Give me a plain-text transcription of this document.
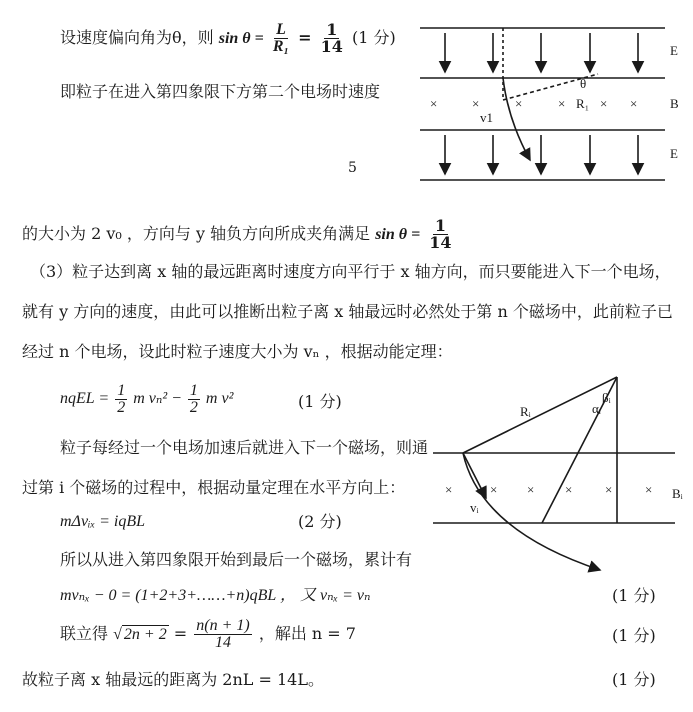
设速度偏向角为θ，则 $\sin \theta = \frac{L}{\text{R₁}} = \frac{1}{14} (1$ 分)
即粒子在进入第四象限下方第二个电场时速度
5
的大小为 2 v₀ ，方向与 y 轴负方向所成夹角满足 $\sin \theta = \frac{1}{14}$
（3）粒子达到离 x 轴的最远距离时速度方向平行于 x 轴方向，而只要能进入下一个电场，
就有 y 方向的速度，由此可以推断出粒子离 x 轴最远时必然处于第 n 个磁场中，此前粒子已
经过 n 个电场，设此时粒子速度大小为 vₙ ，根据动能定理：
nqEL = $\frac{1}{2}$ m $v_n^2 - \frac{1}{2}$ m v²	(1 分)
粒子每经过一个电场加速后就进入下一个磁场，则通
过第 i 个磁场的过程中，根据动量定理在水平方向上：
mΔvᵢₓ = iqBL	(2 分)
所以从进入第四象限开始到最后一个磁场，累计有
mvₙₓ − 0 = (1+2+3+……+n)qBL ， 又 vₙₓ = vₙ	(1 分)
联立得 √ $2n + 2 = \frac{n(n + 1)}{14}$ ，解出 n = 7	(1 分)
故粒子离 x 轴最远的距离为 2nL = 14L。	(1 分)
×	×	×	×	× ×
E
B
E
v1
R₁
θ
×	× × ×	×	×
Rᵢ	αᵢ
βᵢ
vᵢ
Bᵢ
